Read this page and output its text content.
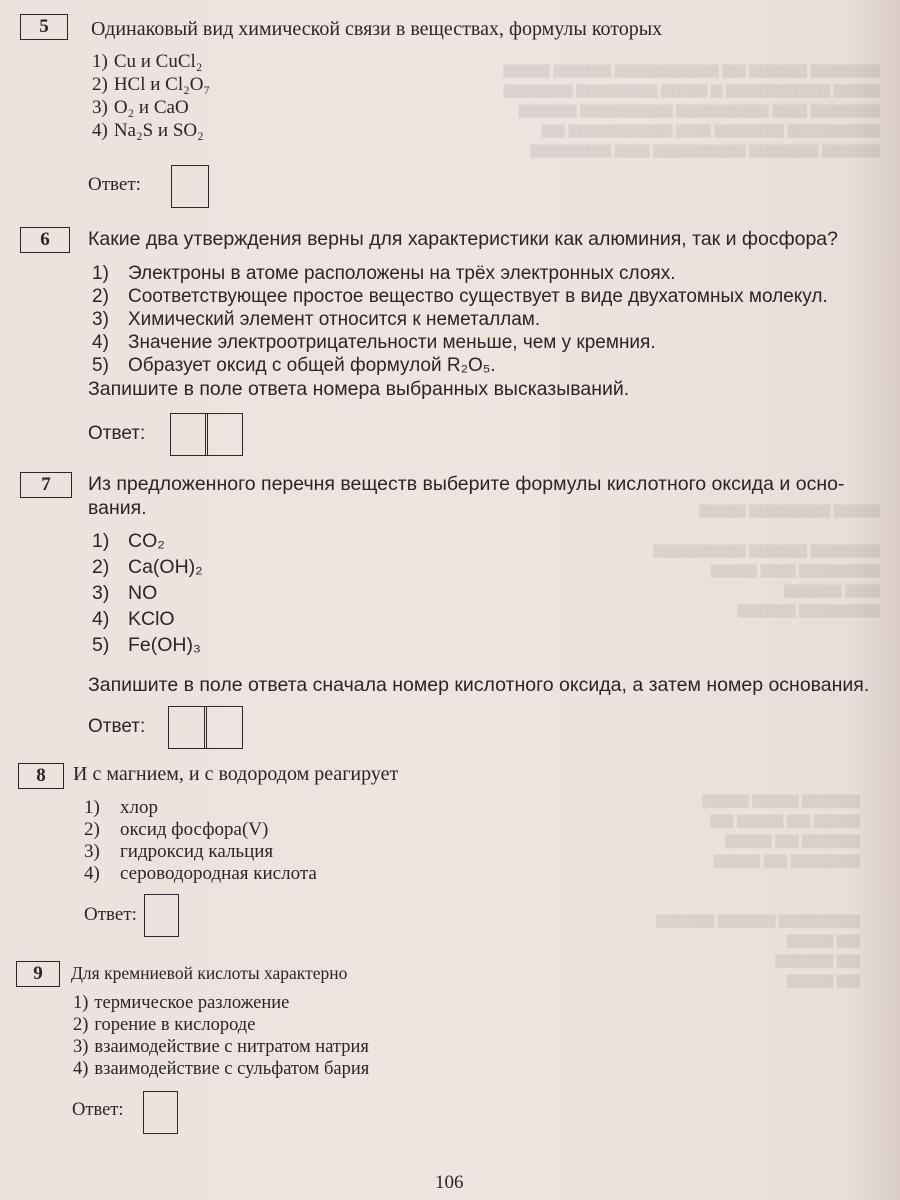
▆▆▆▆▆▆ ▆▆▆▆▆ ▆▆ ▆▆▆▆▆▆▆▆▆ ▆▆▆▆▆ ▆▆▆▆
▆▆▆▆ ▆▆▆▆▆▆▆▆▆ ▆ ▆▆▆▆ ▆▆▆▆▆▆▆ ▆▆▆▆▆▆
▆▆▆▆▆▆ ▆▆▆ ▆▆▆▆▆▆▆▆ ▆▆▆▆▆▆▆▆ ▆▆▆▆▆
▆▆▆▆▆▆▆▆ ▆▆▆▆▆▆ ▆▆▆ ▆▆▆▆▆▆▆▆▆ ▆▆
▆▆▆▆▆ ▆▆▆▆▆▆ ▆▆▆▆▆▆▆▆ ▆▆▆ ▆▆▆▆▆▆▆
▆▆▆▆ ▆▆▆▆▆▆▆ ▆▆▆▆

▆▆▆▆▆▆ ▆▆▆▆▆ ▆▆▆▆▆▆▆▆
▆▆▆▆▆▆▆ ▆▆▆ ▆▆▆▆
▆▆▆ ▆▆▆▆▆
▆▆▆▆▆▆▆ ▆▆▆▆▆
▆▆▆▆▆ ▆▆▆▆ ▆▆▆▆
▆▆▆▆ ▆▆ ▆▆▆▆ ▆▆
▆▆▆▆▆ ▆▆ ▆▆▆▆
▆▆▆▆▆▆ ▆▆ ▆▆▆▆

▆▆▆▆▆▆▆ ▆▆▆▆▆ ▆▆▆▆▆
▆▆ ▆▆▆▆
▆▆ ▆▆▆▆▆
▆▆ ▆▆▆▆
5	Одинаковый вид химической связи в веществах, формулы которых
1) Cu и CuCl₂
2) HCl и Cl₂O₇
3) O₂ и CaO
4) Na₂S и SO₂
Ответ:
6	Какие два утверждения верны для характеристики как алюминия, так и фосфора?
1) Электроны в атоме расположены на трёх электронных слоях.
2) Соответствующее простое вещество существует в виде двухатомных молекул.
3) Химический элемент относится к неметаллам.
4) Значение электроотрицательности меньше, чем у кремния.
5) Образует оксид с общей формулой R₂O₅.
Запишите в поле ответа номера выбранных высказываний.
Ответ:
7	Из предложенного перечня веществ выберите формулы кислотного оксида и осно-
вания.
1) CO₂
2) Ca(OH)₂
3) NO
4) KClO
5) Fe(OH)₃
Запишите в поле ответа сначала номер кислотного оксида, а затем номер основания.
Ответ:
8	И с магнием, и с водородом реагирует
1) хлор
2) оксид фосфора(V)
3) гидроксид кальция
4) сероводородная кислота
Ответ:
9	Для кремниевой кислоты характерно
1) термическое разложение
2) горение в кислороде
3) взаимодействие с нитратом натрия
4) взаимодействие с сульфатом бария
Ответ:
106
